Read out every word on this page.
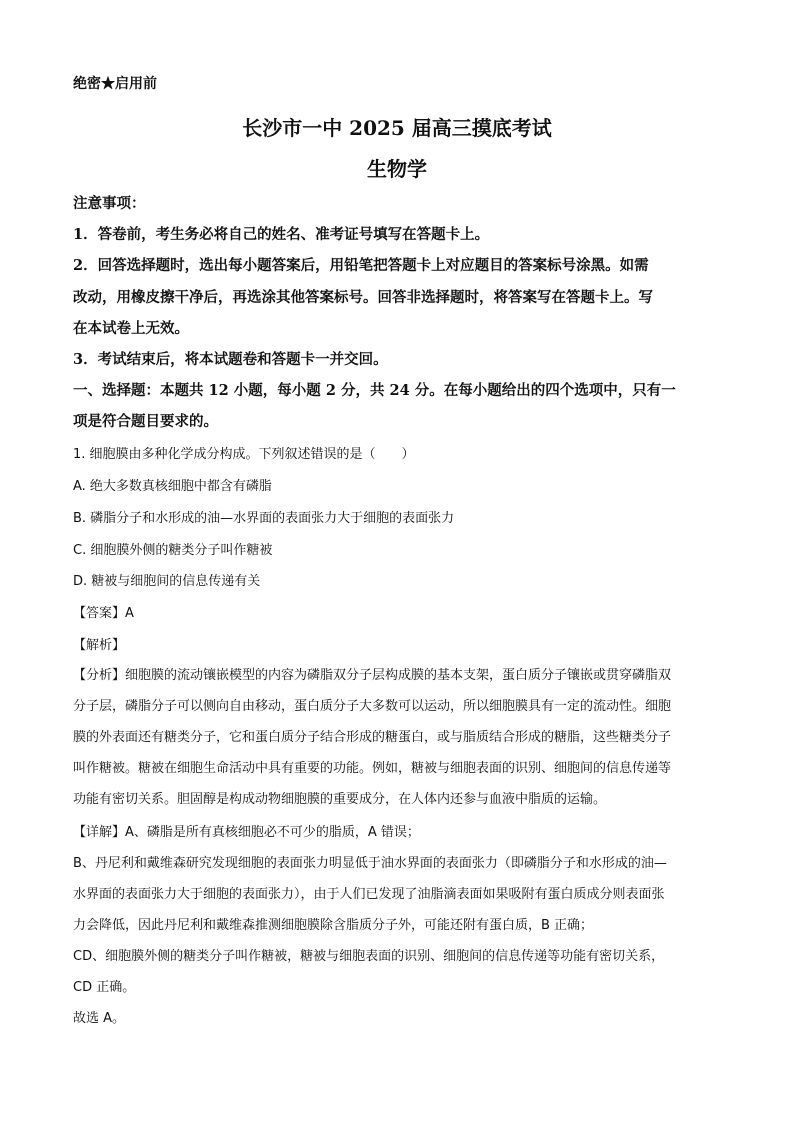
绝密★启用前
长沙市一中 2025 届高三摸底考试
生物学
注意事项：
1．答卷前，考生务必将自己的姓名、准考证号填写在答题卡上。
2．回答选择题时，选出每小题答案后，用铅笔把答题卡上对应题目的答案标号涂黑。如需
改动，用橡皮擦干净后，再选涂其他答案标号。回答非选择题时，将答案写在答题卡上。写
在本试卷上无效。
3．考试结束后，将本试题卷和答题卡一并交回。
一、选择题：本题共 12 小题，每小题 2 分，共 24 分。在每小题给出的四个选项中，只有一
项是符合题目要求的。
1. 细胞膜由多种化学成分构成。下列叙述错误的是（　　）
A. 绝大多数真核细胞中都含有磷脂
B. 磷脂分子和水形成的油—水界面的表面张力大于细胞的表面张力
C. 细胞膜外侧的糖类分子叫作糖被
D. 糖被与细胞间的信息传递有关
【答案】A
【解析】
【分析】细胞膜的流动镶嵌模型的内容为磷脂双分子层构成膜的基本支架，蛋白质分子镶嵌或贯穿磷脂双
分子层，磷脂分子可以侧向自由移动，蛋白质分子大多数可以运动，所以细胞膜具有一定的流动性。细胞
膜的外表面还有糖类分子，它和蛋白质分子结合形成的糖蛋白，或与脂质结合形成的糖脂，这些糖类分子
叫作糖被。糖被在细胞生命活动中具有重要的功能。例如，糖被与细胞表面的识别、细胞间的信息传递等
功能有密切关系。胆固醇是构成动物细胞膜的重要成分，在人体内还参与血液中脂质的运输。
【详解】A、磷脂是所有真核细胞必不可少的脂质，A 错误；
B、丹尼利和戴维森研究发现细胞的表面张力明显低于油水界面的表面张力（即磷脂分子和水形成的油—
水界面的表面张力大于细胞的表面张力），由于人们已发现了油脂滴表面如果吸附有蛋白质成分则表面张
力会降低，因此丹尼利和戴维森推测细胞膜除含脂质分子外，可能还附有蛋白质，B 正确；
CD、细胞膜外侧的糖类分子叫作糖被，糖被与细胞表面的识别、细胞间的信息传递等功能有密切关系，
CD 正确。
故选 A。
